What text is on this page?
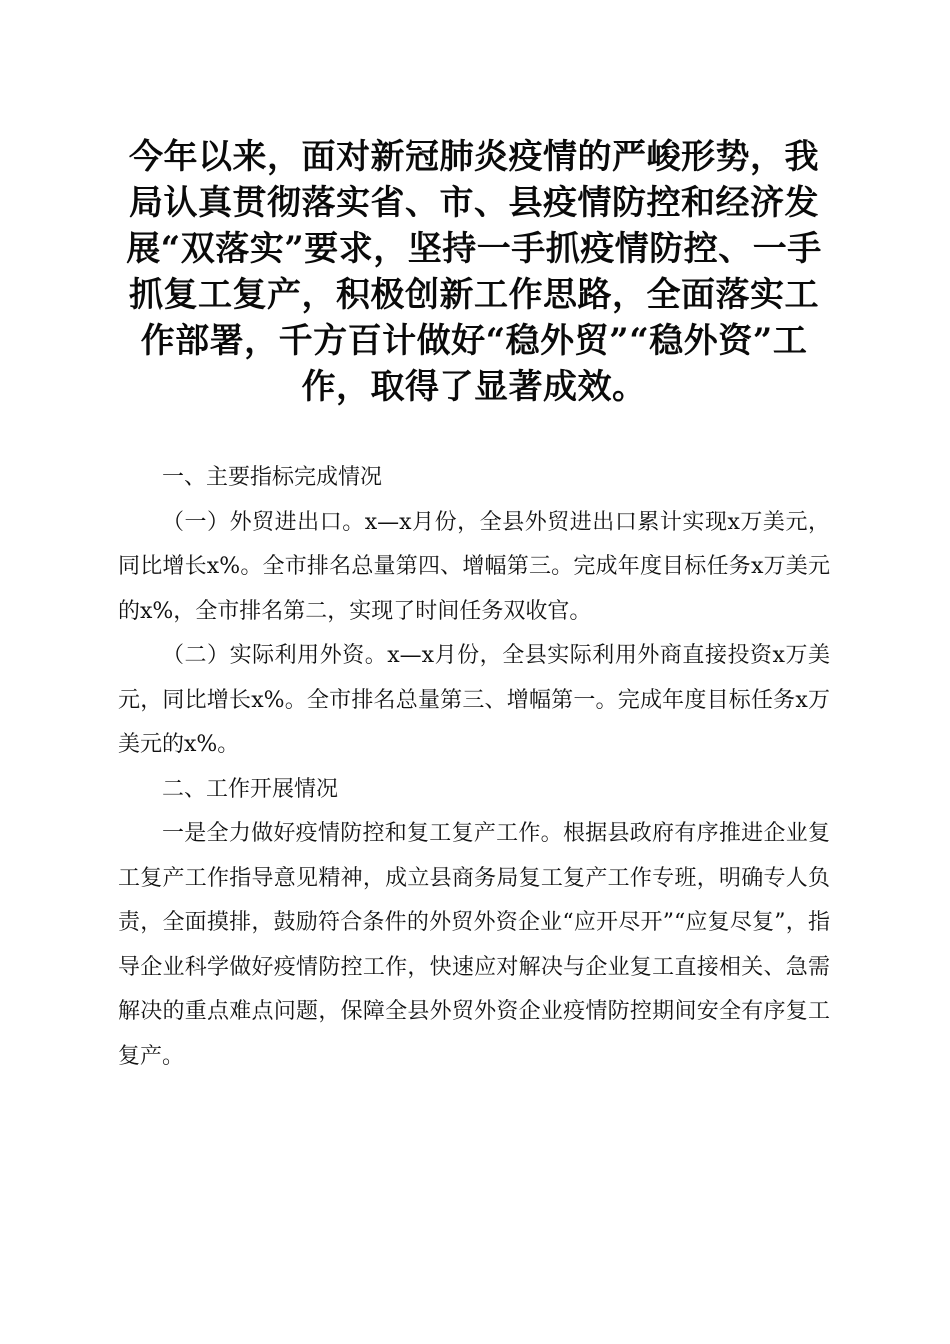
今年以来，面对新冠肺炎疫情的严峻形势，我局认真贯彻落实省、市、县疫情防控和经济发展“双落实”要求，坚持一手抓疫情防控、一手抓复工复产，积极创新工作思路，全面落实工作部署，千方百计做好“稳外贸”“稳外资”工作，取得了显著成效。
一、主要指标完成情况

（一）外贸进出口。x—x月份，全县外贸进出口累计实现x万美元，同比增长x%。全市排名总量第四、增幅第三。完成年度目标任务x万美元的x%，全市排名第二，实现了时间任务双收官。

（二）实际利用外资。x—x月份，全县实际利用外商直接投资x万美元，同比增长x%。全市排名总量第三、增幅第一。完成年度目标任务x万美元的x%。

二、工作开展情况

一是全力做好疫情防控和复工复产工作。根据县政府有序推进企业复工复产工作指导意见精神，成立县商务局复工复产工作专班，明确专人负责，全面摸排，鼓励符合条件的外贸外资企业“应开尽开”“应复尽复”，指导企业科学做好疫情防控工作，快速应对解决与企业复工直接相关、急需解决的重点难点问题，保障全县外贸外资企业疫情防控期间安全有序复工复产。
